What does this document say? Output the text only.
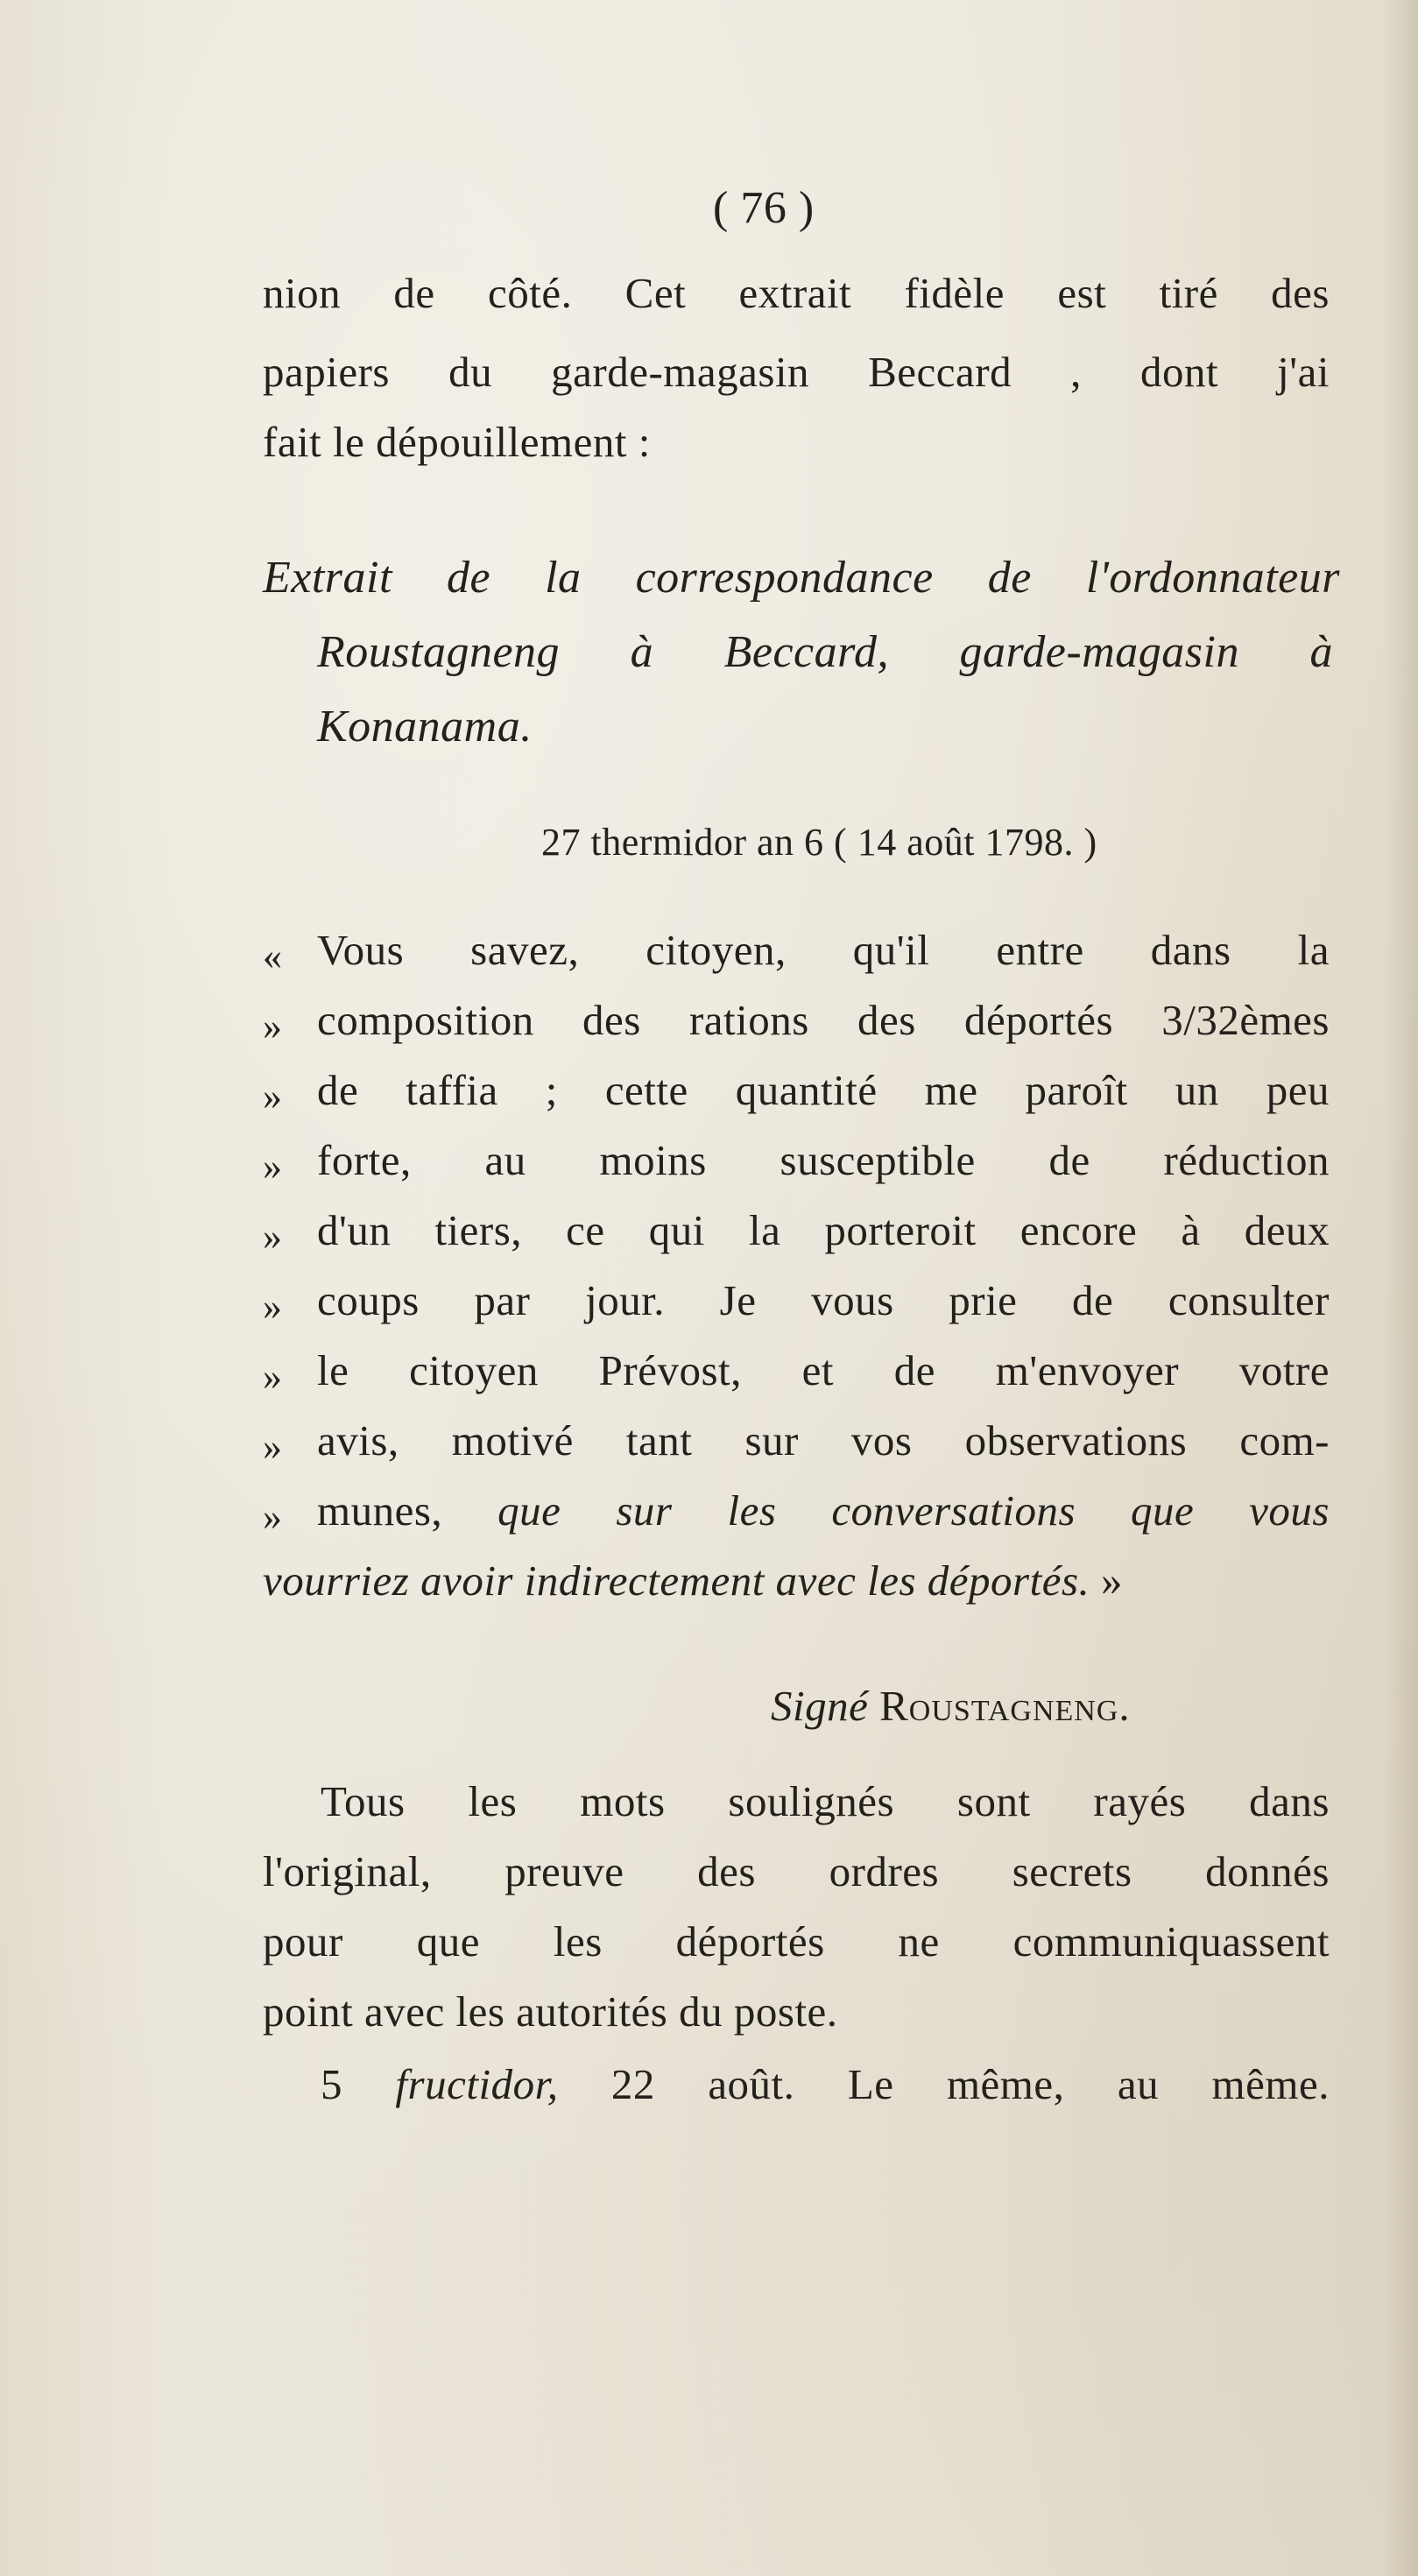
( 76 )

nion de côté. Cet extrait fidèle est tiré des

papiers du garde-magasin Beccard , dont j'ai

fait le dépouillement :

Extrait de la correspondance de l'ordonnateur

Roustagneng à Beccard, garde-magasin à

Konanama.

27 thermidor an 6 ( 14 août 1798. )

« Vous savez, citoyen, qu'il entre dans la

» composition des rations des déportés 3/32èmes

» de taffia ; cette quantité me paroît un peu

» forte, au moins susceptible de réduction

» d'un tiers, ce qui la porteroit encore à deux

» coups par jour. Je vous prie de consulter

» le citoyen Prévost, et de m'envoyer votre

» avis, motivé tant sur vos observations com-

» munes, que sur les conversations que vous

vourriez avoir indirectement avec les déportés. »

Signé Roustagneng.

Tous les mots soulignés sont rayés dans

l'original, preuve des ordres secrets donnés

pour que les déportés ne communiquassent

point avec les autorités du poste.

5 fructidor, 22 août. Le même, au même.
